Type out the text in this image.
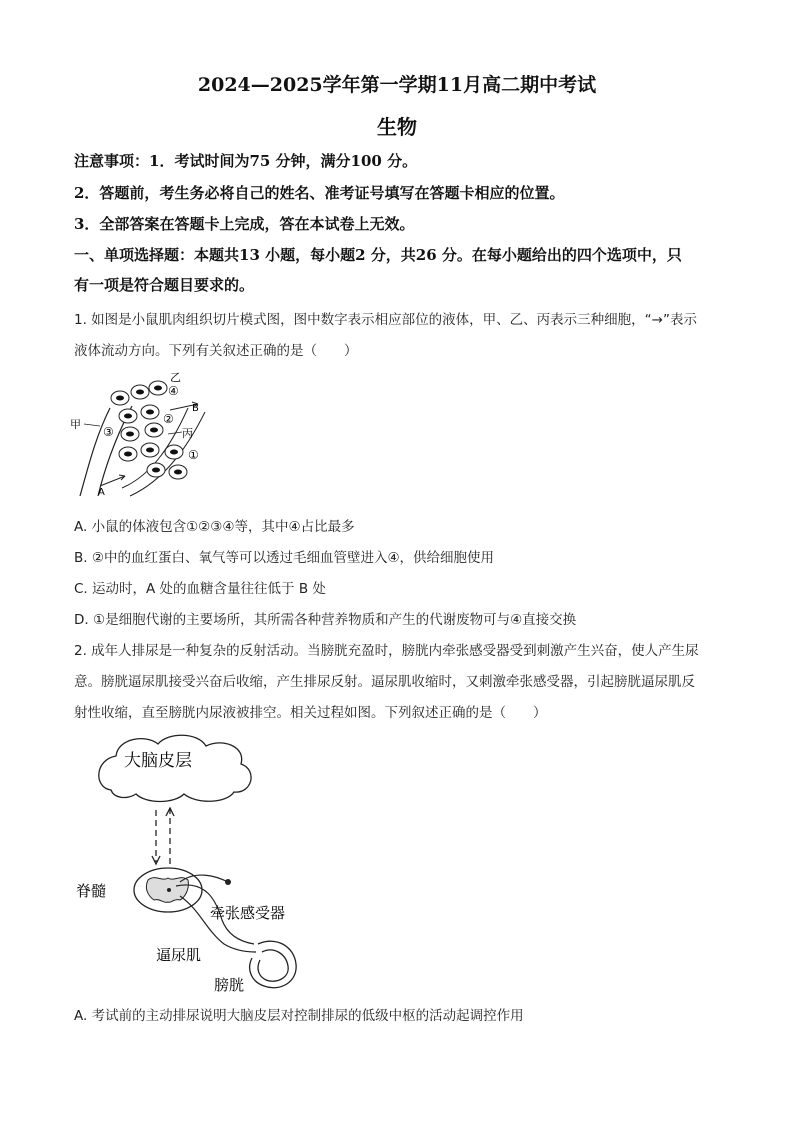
2024—2025学年第一学期11月高二期中考试
生物
注意事项：1．考试时间为75 分钟，满分100 分。
2．答题前，考生务必将自己的姓名、准考证号填写在答题卡相应的位置。
3．全部答案在答题卡上完成，答在本试卷上无效。
一、单项选择题：本题共13 小题，每小题2 分，共26 分。在每小题给出的四个选项中，只
有一项是符合题目要求的。
1. 如图是小鼠肌肉组织切片模式图，图中数字表示相应部位的液体，甲、乙、丙表示三种细胞，“→”表示
液体流动方向。下列有关叙述正确的是（　　）
乙
④
B
②
甲
③	丙
①
A
A. 小鼠的体液包含①②③④等，其中④占比最多
B. ②中的血红蛋白、氧气等可以透过毛细血管壁进入④，供给细胞使用
C. 运动时，A 处的血糖含量往往低于 B 处
D. ①是细胞代谢的主要场所，其所需各种营养物质和产生的代谢废物可与④直接交换
2. 成年人排尿是一种复杂的反射活动。当膀胱充盈时，膀胱内牵张感受器受到刺激产生兴奋，使人产生尿
意。膀胱逼尿肌接受兴奋后收缩，产生排尿反射。逼尿肌收缩时，又刺激牵张感受器，引起膀胱逼尿肌反
射性收缩，直至膀胱内尿液被排空。相关过程如图。下列叙述正确的是（　　）
大脑皮层
脊髓
牵张感受器
逼尿肌
膀胱
A. 考试前的主动排尿说明大脑皮层对控制排尿的低级中枢的活动起调控作用
